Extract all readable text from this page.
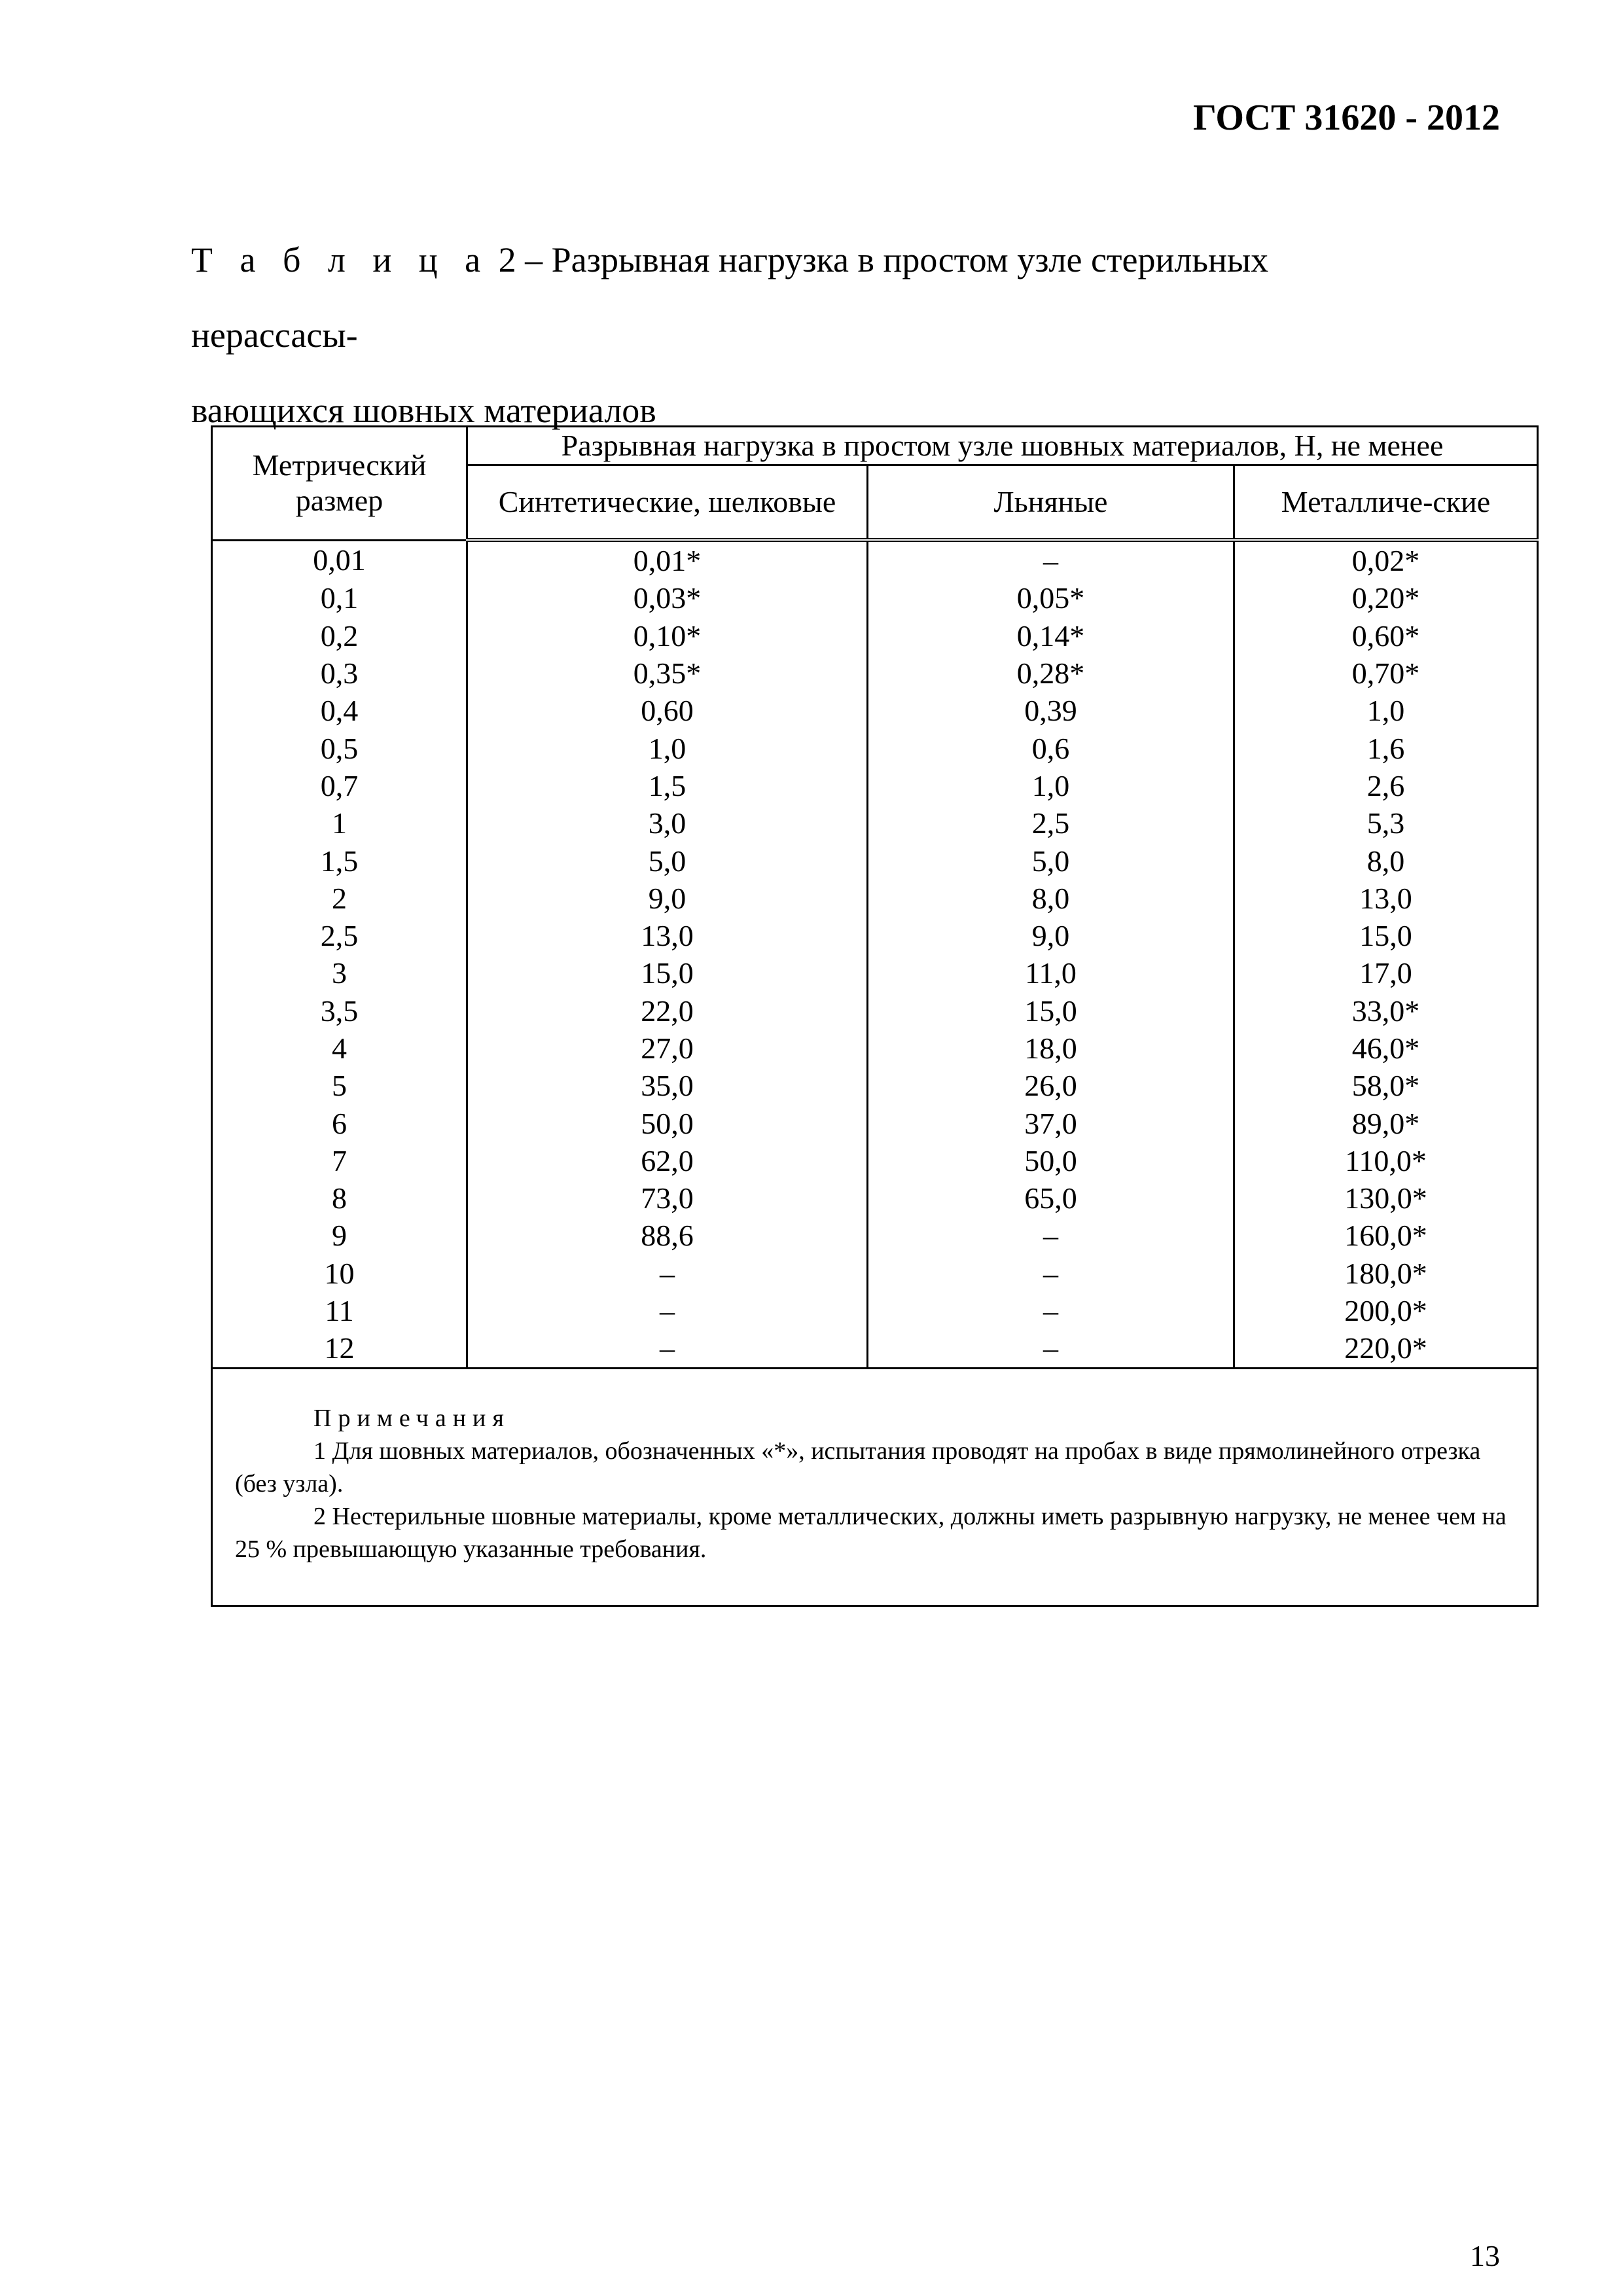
ГОСТ 31620 - 2012
Т а б л и ц а 2 – Разрывная нагрузка в простом узле стерильных нерассасы-
вающихся шовных материалов
Метрический размер	Разрывная нагрузка в простом узле шовных материалов, Н, не менее		
	Синтетические, шелковые	Льняные	Металличе-ские
0,01	0,01*	–	0,02*
0,1	0,03*	0,05*	0,20*
0,2	0,10*	0,14*	0,60*
0,3	0,35*	0,28*	0,70*
0,4	0,60	0,39	1,0
0,5	1,0	0,6	1,6
0,7	1,5	1,0	2,6
1	3,0	2,5	5,3
1,5	5,0	5,0	8,0
2	9,0	8,0	13,0
2,5	13,0	9,0	15,0
3	15,0	11,0	17,0
3,5	22,0	15,0	33,0*
4	27,0	18,0	46,0*
5	35,0	26,0	58,0*
6	50,0	37,0	89,0*
7	62,0	50,0	110,0*
8	73,0	65,0	130,0*
9	88,6	–	160,0*
10	–	–	180,0*
11	–	–	200,0*
12	–	–	220,0*

Примечания

1 Для шовных материалов, обозначенных «*», испытания проводят на пробах в виде прямолинейного отрезка (без узла).

2 Нестерильные шовные материалы, кроме металлических, должны иметь разрывную нагрузку, не менее чем на 25 % превышающую указанные требования.			

13
